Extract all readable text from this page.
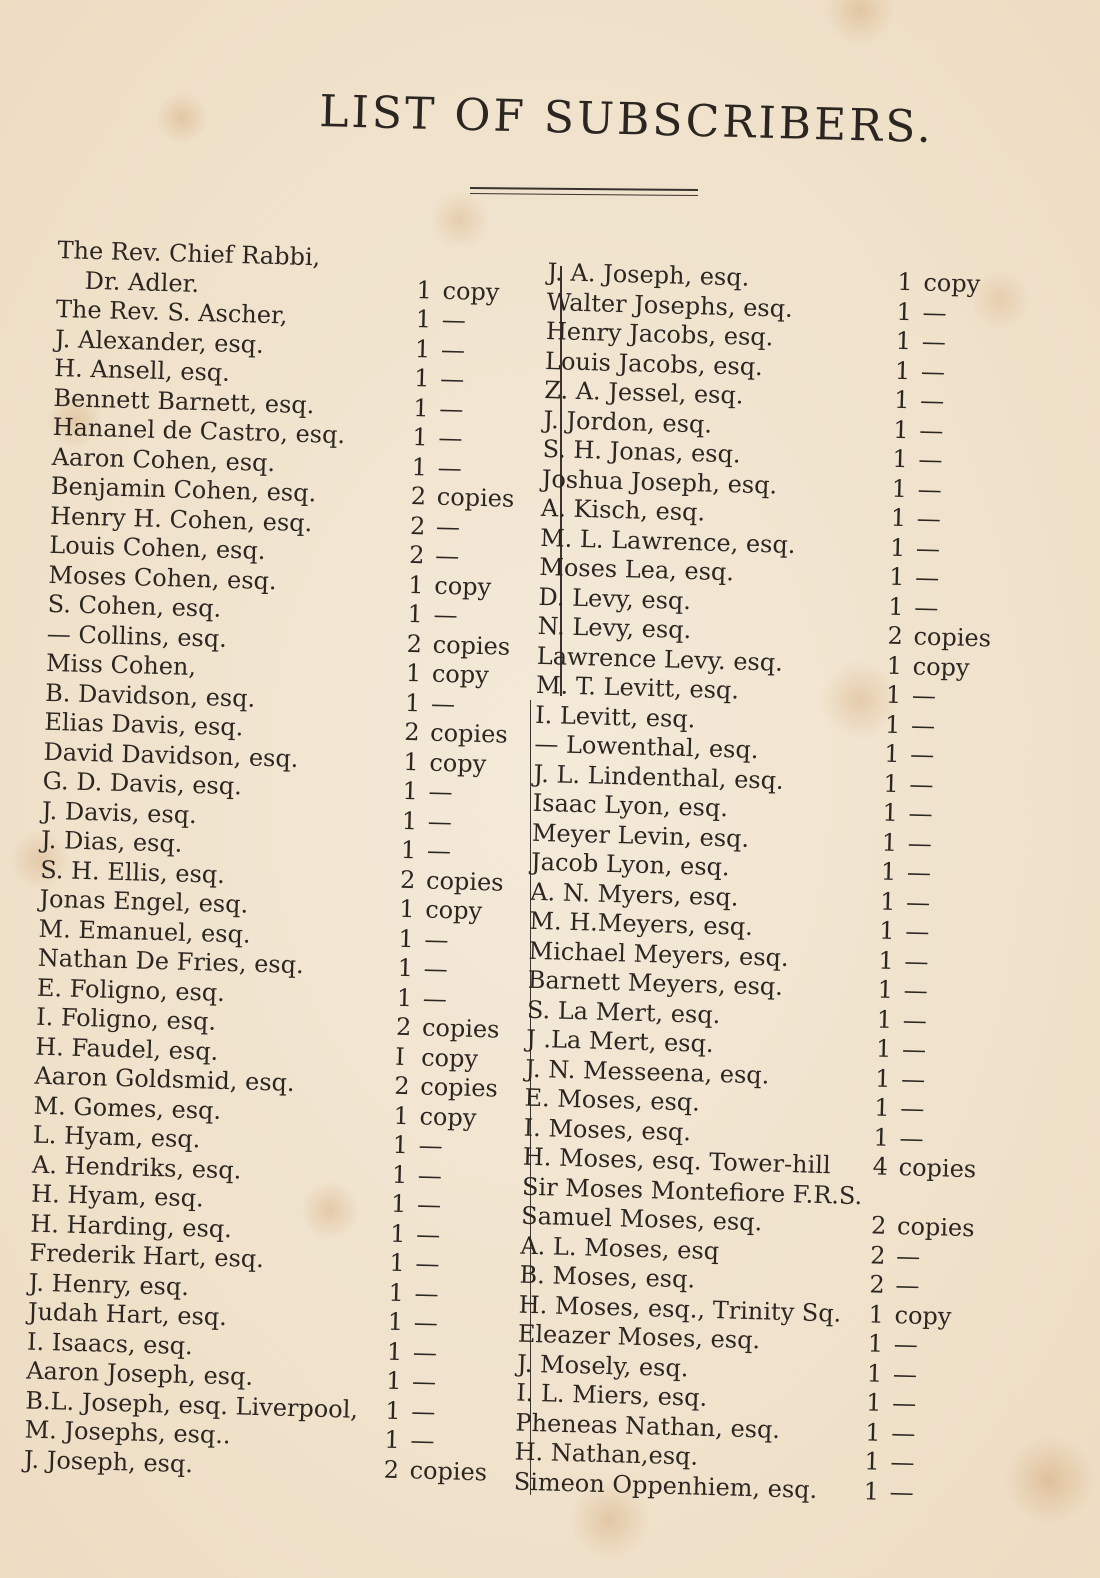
LIST OF SUBSCRIBERS.
The Rev. Chief Rabbi,
Dr. Adler.	1 copy
The Rev. S. Ascher,	1 —
J. Alexander, esq.	1 —
H. Ansell, esq.	1 —
Bennett Barnett, esq.	1 —
Hananel de Castro, esq.	1 —
Aaron Cohen, esq.	1 —
Benjamin Cohen, esq.	2 copies
Henry H. Cohen, esq.	2 —
Louis Cohen, esq.	2 —
Moses Cohen, esq.	1 copy
S. Cohen, esq.	1 —
— Collins, esq.	2 copies
Miss Cohen,	1 copy
B. Davidson, esq.	1 —
Elias Davis, esq.	2 copies
David Davidson, esq.	1 copy
G. D. Davis, esq.	1 —
J. Davis, esq.	1 —
J. Dias, esq.	1 —
S. H. Ellis, esq.	2 copies
Jonas Engel, esq.	1 copy
M. Emanuel, esq.	1 —
Nathan De Fries, esq.	1 —
E. Foligno, esq.	1 —
I. Foligno, esq.	2 copies
H. Faudel, esq.	I copy
Aaron Goldsmid, esq.	2 copies
M. Gomes, esq.	1 copy
L. Hyam, esq.	1 —
A. Hendriks, esq.	1 —
H. Hyam, esq.	1 —
H. Harding, esq.	1 —
Frederik Hart, esq.	1 —
J. Henry, esq.	1 —
Judah Hart, esq.	1 —
I. Isaacs, esq.	1 —
Aaron Joseph, esq.	1 —
B.L. Joseph, esq. Liverpool, 1 —
M. Josephs, esq..	1 —
J. Joseph, esq.	2 copies
J. A. Joseph, esq.	1 copy
Walter Josephs, esq.	1 —
Henry Jacobs, esq.	1 —
Louis Jacobs, esq.	1 —
Z. A. Jessel, esq.	1 —
J. Jordon, esq.	1 —
S. H. Jonas, esq.	1 —
Joshua Joseph, esq.	1 —
A. Kisch, esq.	1 —
M. L. Lawrence, esq.	1 —
Moses Lea, esq.	1 —
D. Levy, esq.	1 —
N. Levy, esq.	2 copies
Lawrence Levy. esq.	1 copy
M. T. Levitt, esq.	1 —
I. Levitt, esq.	1 —
— Lowenthal, esq.	1 —
J. L. Lindenthal, esq.	1 —
Isaac Lyon, esq.	1 —
Meyer Levin, esq.	1 —
Jacob Lyon, esq.	1 —
A. N. Myers, esq.	1 —
M. H.Meyers, esq.	1 —
Michael Meyers, esq.	1 —
Barnett Meyers, esq.	1 —
S. La Mert, esq.	1 —
J .La Mert, esq.	1 —
J. N. Messeena, esq.	1 —
E. Moses, esq.	1 —
I. Moses, esq.	1 —
H. Moses, esq. Tower-hill 4 copies
Sir Moses Montefiore F.R.S.
Samuel Moses, esq.	2 copies
A. L. Moses, esq	2 —
B. Moses, esq.	2 —
H. Moses, esq., Trinity Sq. 1 copy
Eleazer Moses, esq.	1 —
J. Mosely, esq.	1 —
I. L. Miers, esq.	1 —
Pheneas Nathan, esq.	1 —
H. Nathan,esq.	1 —
Simeon Oppenhiem, esq. 1 —
